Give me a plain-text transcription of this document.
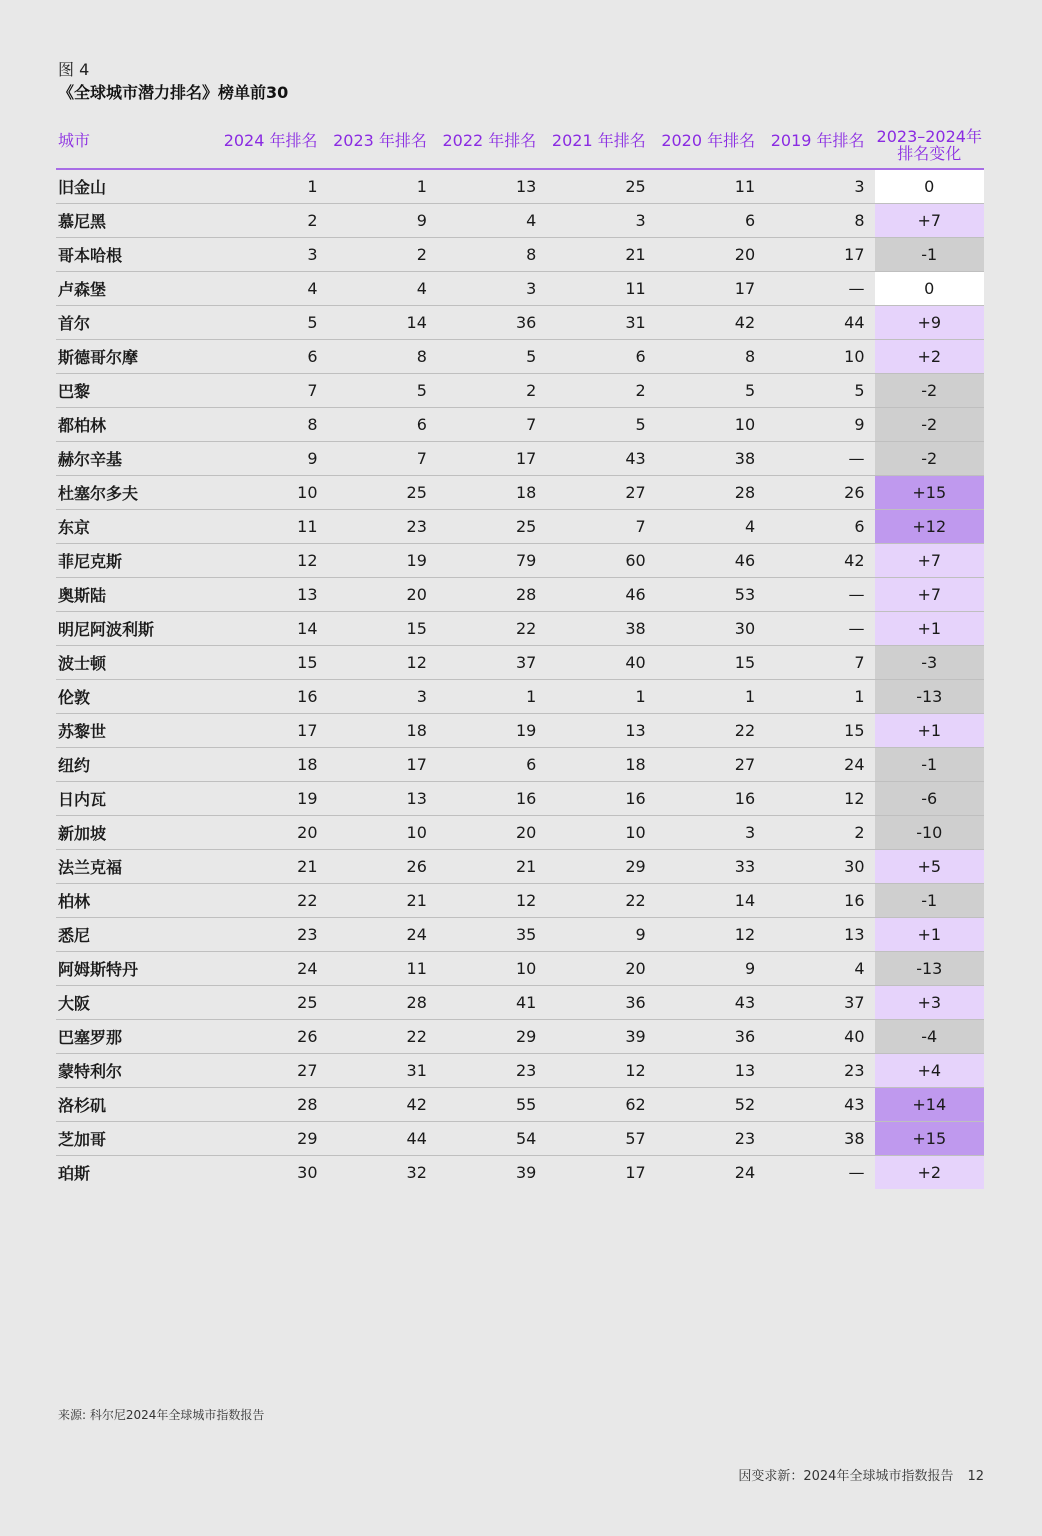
图 4
《全球城市潜力排名》榜单前30
城市	2024 年排名	2023 年排名	2022 年排名	2021 年排名	2020 年排名	2019 年排名	2023–2024年
排名变化
旧金山	1	1	13	25	11	3	0
慕尼黑	2	9	4	3	6	8	+7
哥本哈根	3	2	8	21	20	17	-1
卢森堡	4	4	3	11	17	—	0
首尔	5	14	36	31	42	44	+9
斯德哥尔摩	6	8	5	6	8	10	+2
巴黎	7	5	2	2	5	5	-2
都柏林	8	6	7	5	10	9	-2
赫尔辛基	9	7	17	43	38	—	-2
杜塞尔多夫	10	25	18	27	28	26	+15
东京	11	23	25	7	4	6	+12
菲尼克斯	12	19	79	60	46	42	+7
奥斯陆	13	20	28	46	53	—	+7
明尼阿波利斯	14	15	22	38	30	—	+1
波士顿	15	12	37	40	15	7	-3
伦敦	16	3	1	1	1	1	-13
苏黎世	17	18	19	13	22	15	+1
纽约	18	17	6	18	27	24	-1
日内瓦	19	13	16	16	16	12	-6
新加坡	20	10	20	10	3	2	-10
法兰克福	21	26	21	29	33	30	+5
柏林	22	21	12	22	14	16	-1
悉尼	23	24	35	9	12	13	+1
阿姆斯特丹	24	11	10	20	9	4	-13
大阪	25	28	41	36	43	37	+3
巴塞罗那	26	22	29	39	36	40	-4
蒙特利尔	27	31	23	12	13	23	+4
洛杉矶	28	42	55	62	52	43	+14
芝加哥	29	44	54	57	23	38	+15
珀斯	30	32	39	17	24	—	+2
来源: 科尔尼2024年全球城市指数报告
因变求新：2024年全球城市指数报告 12
